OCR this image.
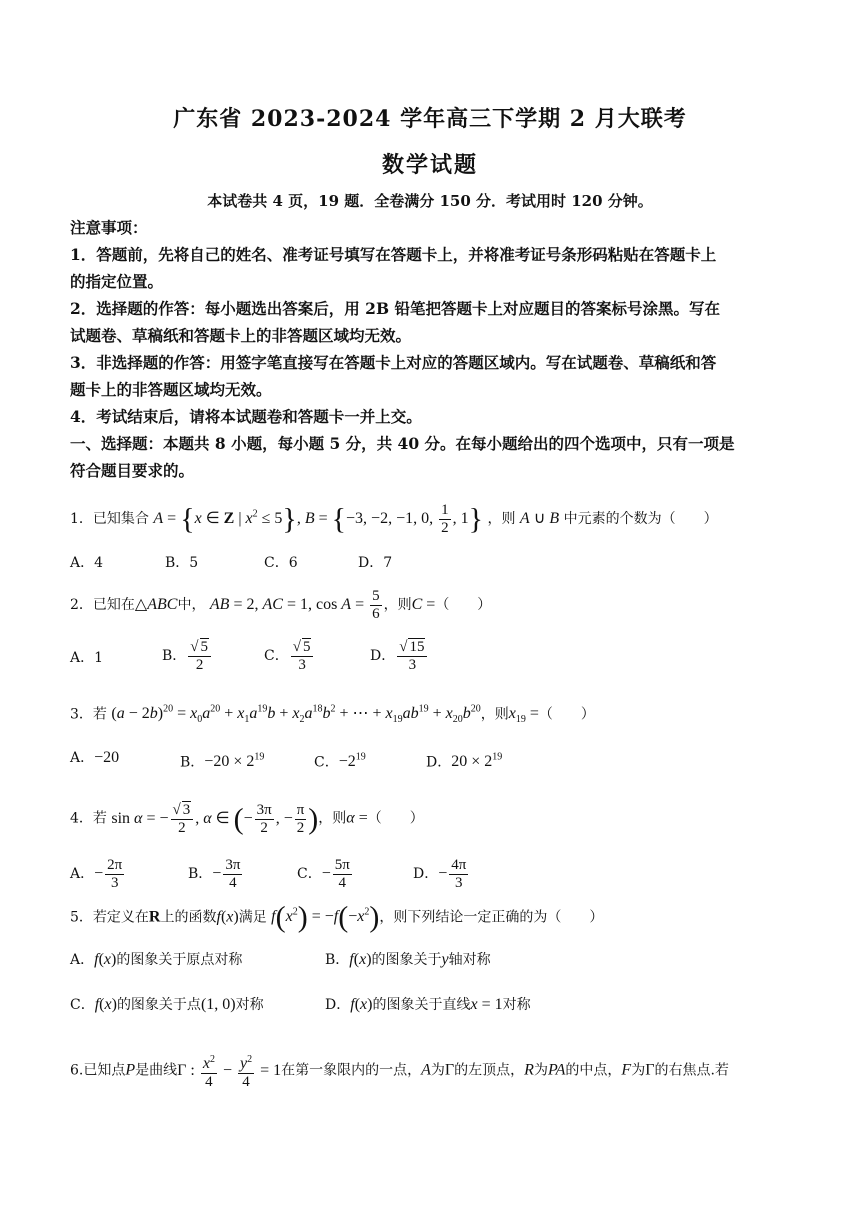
广东省 2023-2024 学年高三下学期 2 月大联考
数学试题
本试卷共 4 页，19 题．全卷满分 150 分．考试用时 120 分钟。
注意事项：
1．答题前，先将自己的姓名、准考证号填写在答题卡上，并将准考证号条形码粘贴在答题卡上
的指定位置。
2．选择题的作答：每小题选出答案后，用 2B 铅笔把答题卡上对应题目的答案标号涂黑。写在
试题卷、草稿纸和答题卡上的非答题区域均无效。
3．非选择题的作答：用签字笔直接写在答题卡上对应的答题区域内。写在试题卷、草稿纸和答
题卡上的非答题区域均无效。
4．考试结束后，请将本试题卷和答题卡一并上交。
一、选择题：本题共 8 小题，每小题 5 分，共 40 分。在每小题给出的四个选项中，只有一项是
符合题目要求的。
1．已知集合 A = {x ∈ Z | $x^2 \le 5$}, B = {−3, −2, −1, 0, $\frac{1}{2}$ , 1} ，则 A ∪ B 中元素的个数为（　　）
A．4	B．5	C．6	D．7
2．已知在△ABC中， AB = 2, AC = 1, $\cos A = \frac{5}{6}$ ，则C =（　　）
A．1	B． $\frac{√ 5}{2}$	C． $\frac{√ 5}{3}$	D． $\frac{√ 15}{3}$
3．若 $(a - 2b)^{20} = x_0a^{20} + x_1a^{19}b + x_2a^{18}b^2$ + ⋯ + $x_{19}ab^{19} + x_{20}b^{20}$，则$x_{19}$ =（　　）
A．−20	B．$-20 \times 2^{19}$	C．$-2^{19}$	D．$20 \times 2^{19}$
4．若 sin α = − $\frac{√ 3}{2}$ , α ∈ (− $\frac{3\pi}{2}$ , − $\frac{\pi}{2}$ )，则α =（　　）
A．− $\frac{2\pi}{3}$	B．− $\frac{3\pi}{4}$	C．− $\frac{5\pi}{4}$	D．− $\frac{4\pi}{3}$
5．若定义在R上的函数f(x)满足 $f(x^2) = -f(-x^2)$，则下列结论一定正确的为（　　）
A．f(x)的图象关于原点对称	B．f(x)的图象关于y轴对称
C．f(x)的图象关于点(1, 0)对称	D．f(x)的图象关于直线x = 1对称
6.已知点P是曲线Γ : $\frac{x^2}{4} - \frac{y^2}{4} = 1$在第一象限内的一点，A为Γ的左顶点，R为PA的中点，F为Γ的右焦点.若
